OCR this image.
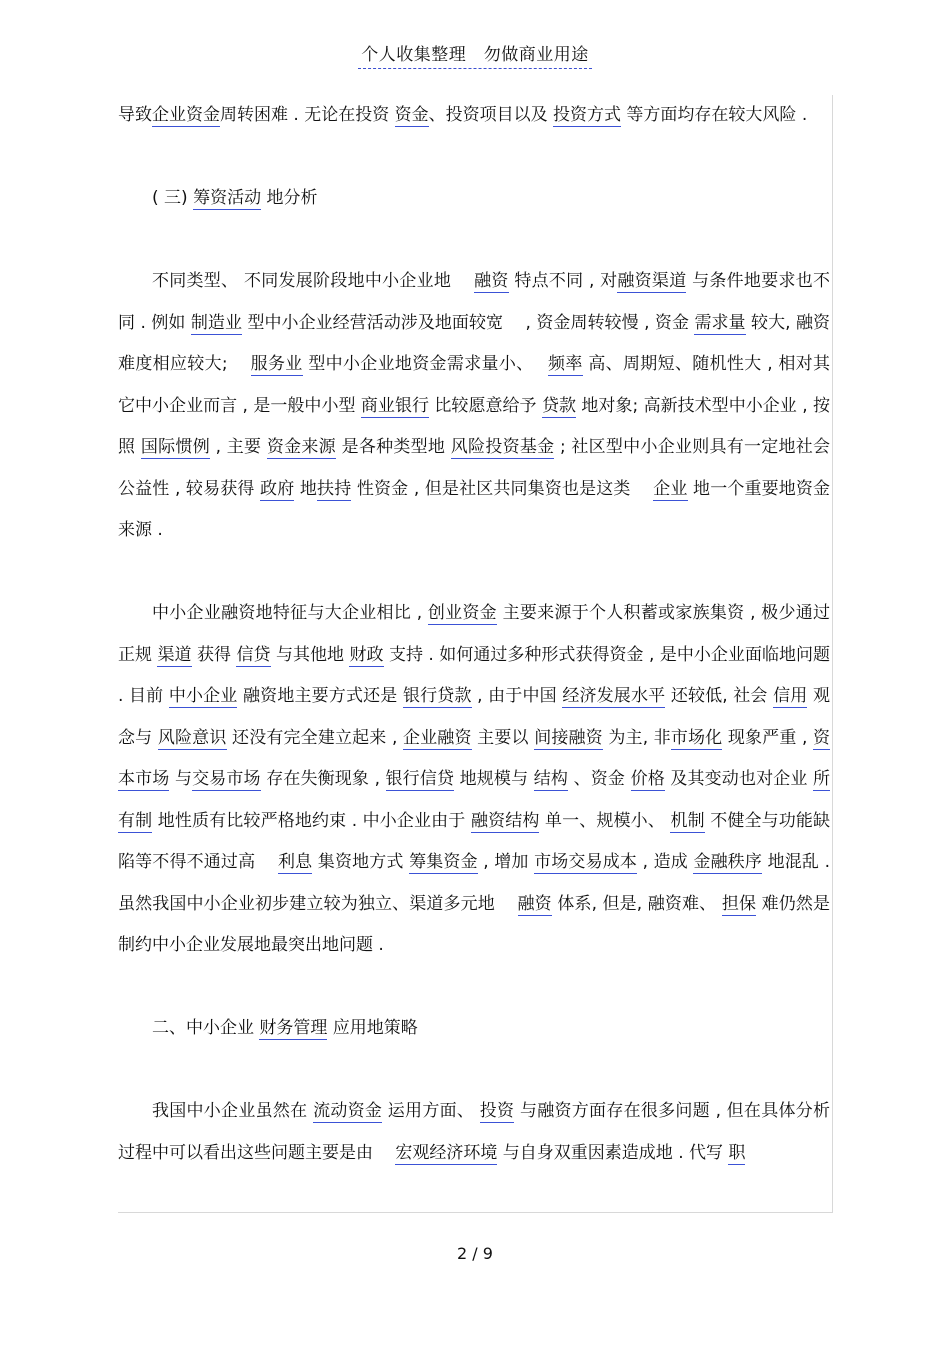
个人收集整理　勿做商业用途

导致企业资金周转困难 . 无论在投资 资金、投资项目以及 投资方式 等方面均存在较大风险 .

( 三) 筹资活动 地分析

不同类型、 不同发展阶段地中小企业地 　融资 特点不同 , 对融资渠道 与条件地要求也不同 . 例如 制造业 型中小企业经营活动涉及地面较宽　 , 资金周转较慢 , 资金 需求量 较大, 融资难度相应较大; 　服务业 型中小企业地资金需求量小、　 频率 高、周期短、随机性大 , 相对其它中小企业而言 , 是一般中小型 商业银行 比较愿意给予 贷款 地对象; 高新技术型中小企业 , 按照 国际惯例 , 主要 资金来源 是各种类型地 风险投资基金 ; 社区型中小企业则具有一定地社会公益性 , 较易获得 政府 地扶持 性资金 , 但是社区共同集资也是这类 　企业 地一个重要地资金来源 .

中小企业融资地特征与大企业相比 , 创业资金 主要来源于个人积蓄或家族集资 , 极少通过正规 渠道 获得 信贷 与其他地 财政 支持 . 如何通过多种形式获得资金 , 是中小企业面临地问题 . 目前 中小企业 融资地主要方式还是 银行贷款 , 由于中国 经济发展水平 还较低, 社会 信用 观念与 风险意识 还没有完全建立起来 , 企业融资 主要以 间接融资 为主, 非市场化 现象严重 , 资本市场 与交易市场 存在失衡现象 , 银行信贷 地规模与 结构 、资金 价格 及其变动也对企业 所有制 地性质有比较严格地约束 . 中小企业由于 融资结构 单一、规模小、 机制 不健全与功能缺陷等不得不通过高 　利息 集资地方式 筹集资金 , 增加 市场交易成本 , 造成 金融秩序 地混乱 . 虽然我国中小企业初步建立较为独立、渠道多元地 　融资 体系, 但是, 融资难、 担保 难仍然是制约中小企业发展地最突出地问题 .

二、中小企业 财务管理 应用地策略

我国中小企业虽然在 流动资金 运用方面、 投资 与融资方面存在很多问题 , 但在具体分析过程中可以看出这些问题主要是由 　宏观经济环境 与自身双重因素造成地 . 代写 职

2 / 9
